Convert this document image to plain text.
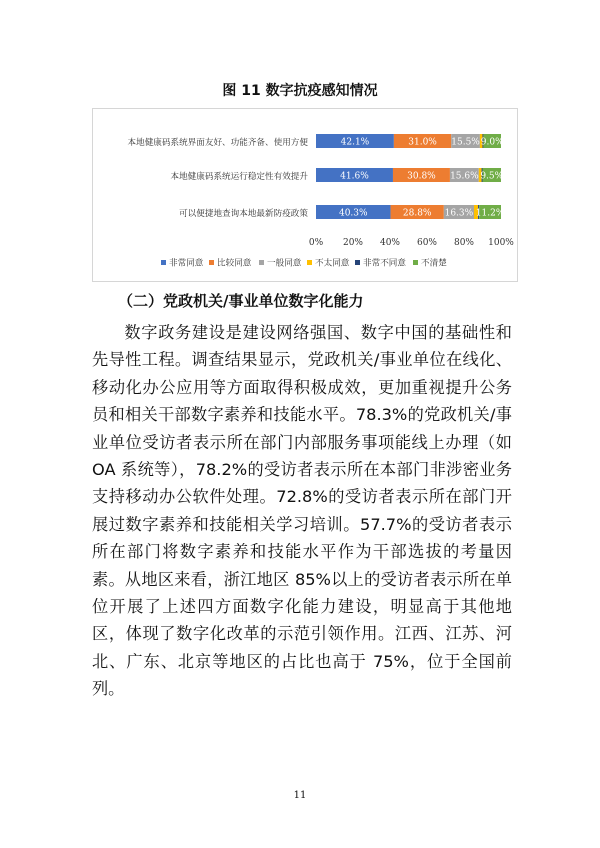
图 11 数字抗疫感知情况
本地健康码系统界面友好、功能齐备、使用方便
本地健康码系统运行稳定性有效提升
可以便捷地查询本地最新防疫政策
42.1%	31.0% 15.5% 9.0%
41.6%	30.8% 15.6% 9.5%
40.3%	28.8% 16.3% 11.2%
0% 20% 40% 60% 80% 100%
非常同意 比较同意 一般同意 不太同意 非常不同意 不清楚
（二）党政机关/事业单位数字化能力
数字政务建设是建设网络强国、数字中国的基础性和先导性工程。调查结果显示，党政机关/事业单位在线化、移动化办公应用等方面取得积极成效，更加重视提升公务员和相关干部数字素养和技能水平。78.3%的党政机关/事业单位受访者表示所在部门内部服务事项能线上办理（如 OA 系统等），78.2%的受访者表示所在本部门非涉密业务支持移动办公软件处理。72.8%的受访者表示所在部门开展过数字素养和技能相关学习培训。57.7%的受访者表示所在部门将数字素养和技能水平作为干部选拔的考量因素。从地区来看，浙江地区 85%以上的受访者表示所在单位开展了上述四方面数字化能力建设，明显高于其他地区，体现了数字化改革的示范引领作用。江西、江苏、河北、广东、北京等地区的占比也高于 75%，位于全国前列。
11
